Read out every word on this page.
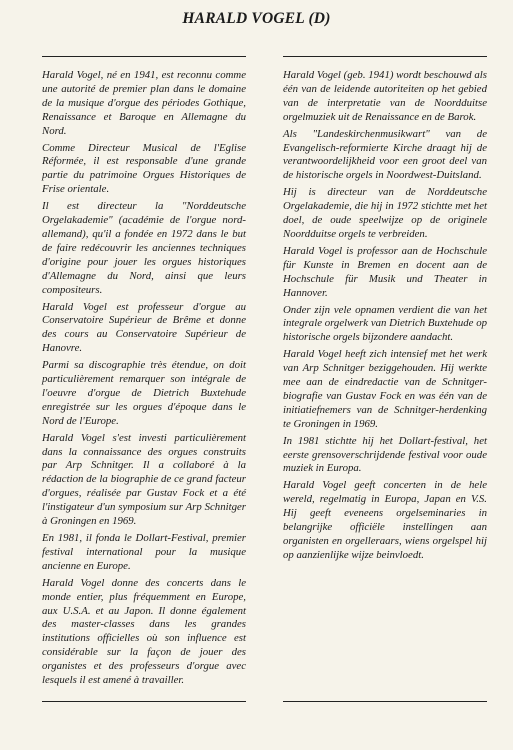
HARALD VOGEL (D)

Harald Vogel, né en 1941, est reconnu comme une autorité de premier plan dans le domaine de la musique d'orgue des périodes Gothique, Renaissance et Baroque en Allemagne du Nord.

Comme Directeur Musical de l'Eglise Réformée, il est responsable d'une grande partie du patrimoine Orgues Historiques de Frise orientale.

Il est directeur la "Norddeutsche Orgelakademie" (académie de l'orgue nord-allemand), qu'il a fondée en 1972 dans le but de faire redécouvrir les anciennes techniques d'origine pour jouer les orgues historiques d'Allemagne du Nord, ainsi que leurs compositeurs.

Harald Vogel est professeur d'orgue au Conservatoire Supérieur de Brême et donne des cours au Conservatoire Supérieur de Hanovre.

Parmi sa discographie très étendue, on doit particulièrement remarquer son intégrale de l'oeuvre d'orgue de Dietrich Buxtehude enregistrée sur les orgues d'époque dans le Nord de l'Europe.

Harald Vogel s'est investi particulièrement dans la connaissance des orgues construits par Arp Schnitger. Il a collaboré à la rédaction de la biographie de ce grand facteur d'orgues, réalisée par Gustav Fock et a été l'instigateur d'un symposium sur Arp Schnitger à Groningen en 1969.

En 1981, il fonda le Dollart-Festival, premier festival international pour la musique ancienne en Europe.

Harald Vogel donne des concerts dans le monde entier, plus fréquemment en Europe, aux U.S.A. et au Japon. Il donne également des master-classes dans les grandes institutions officielles où son influence est considérable sur la façon de jouer des organistes et des professeurs d'orgue avec lesquels il est amené à travailler.

Harald Vogel (geb. 1941) wordt beschouwd als één van de leidende autoriteiten op het gebied van de interpretatie van de Noordduitse orgelmuziek uit de Renaissance en de Barok.

Als "Landeskirchenmusikwart" van de Evangelisch-reformierte Kirche draagt hij de verantwoordelijkheid voor een groot deel van de historische orgels in Noordwest-Duitsland.

Hij is directeur van de Norddeutsche Orgelakademie, die hij in 1972 stichtte met het doel, de oude speelwijze op de originele Noordduitse orgels te verbreiden.

Harald Vogel is professor aan de Hochschule für Kunste in Bremen en docent aan de Hochschule für Musik und Theater in Hannover.

Onder zijn vele opnamen verdient die van het integrale orgelwerk van Dietrich Buxtehude op historische orgels bijzondere aandacht.

Harald Vogel heeft zich intensief met het werk van Arp Schnitger beziggehouden. Hij werkte mee aan de eindredactie van de Schnitger-biografie van Gustav Fock en was één van de initiatiefnemers van de Schnitger-herdenking te Groningen in 1969.

In 1981 stichtte hij het Dollart-festival, het eerste grensoverschrijdende festival voor oude muziek in Europa.

Harald Vogel geeft concerten in de hele wereld, regelmatig in Europa, Japan en V.S. Hij geeft eveneens orgelseminaries in belangrijke officiële instellingen aan organisten en orgelleraars, wiens orgelspel hij op aanzienlijke wijze beinvloedt.
